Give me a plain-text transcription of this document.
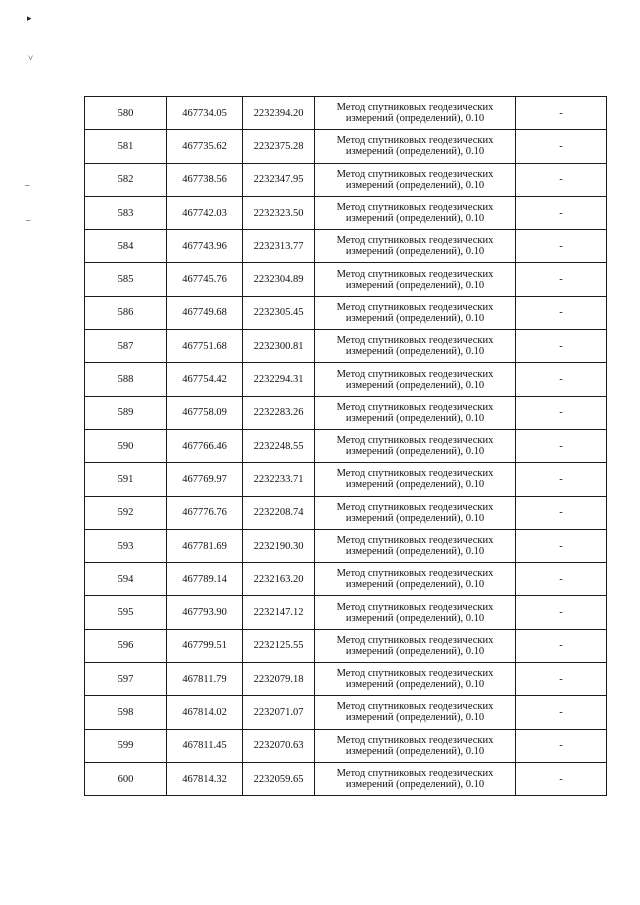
▸
˅
–
–
580	467734.05	2232394.20	Метод спутниковых геодезических
измерений (определений), 0.10	-
581	467735.62	2232375.28	Метод спутниковых геодезических
измерений (определений), 0.10	-
582	467738.56	2232347.95	Метод спутниковых геодезических
измерений (определений), 0.10	-
583	467742.03	2232323.50	Метод спутниковых геодезических
измерений (определений), 0.10	-
584	467743.96	2232313.77	Метод спутниковых геодезических
измерений (определений), 0.10	-
585	467745.76	2232304.89	Метод спутниковых геодезических
измерений (определений), 0.10	-
586	467749.68	2232305.45	Метод спутниковых геодезических
измерений (определений), 0.10	-
587	467751.68	2232300.81	Метод спутниковых геодезических
измерений (определений), 0.10	-
588	467754.42	2232294.31	Метод спутниковых геодезических
измерений (определений), 0.10	-
589	467758.09	2232283.26	Метод спутниковых геодезических
измерений (определений), 0.10	-
590	467766.46	2232248.55	Метод спутниковых геодезических
измерений (определений), 0.10	-
591	467769.97	2232233.71	Метод спутниковых геодезических
измерений (определений), 0.10	-
592	467776.76	2232208.74	Метод спутниковых геодезических
измерений (определений), 0.10	-
593	467781.69	2232190.30	Метод спутниковых геодезических
измерений (определений), 0.10	-
594	467789.14	2232163.20	Метод спутниковых геодезических
измерений (определений), 0.10	-
595	467793.90	2232147.12	Метод спутниковых геодезических
измерений (определений), 0.10	-
596	467799.51	2232125.55	Метод спутниковых геодезических
измерений (определений), 0.10	-
597	467811.79	2232079.18	Метод спутниковых геодезических
измерений (определений), 0.10	-
598	467814.02	2232071.07	Метод спутниковых геодезических
измерений (определений), 0.10	-
599	467811.45	2232070.63	Метод спутниковых геодезических
измерений (определений), 0.10	-
600	467814.32	2232059.65	Метод спутниковых геодезических
измерений (определений), 0.10	-
